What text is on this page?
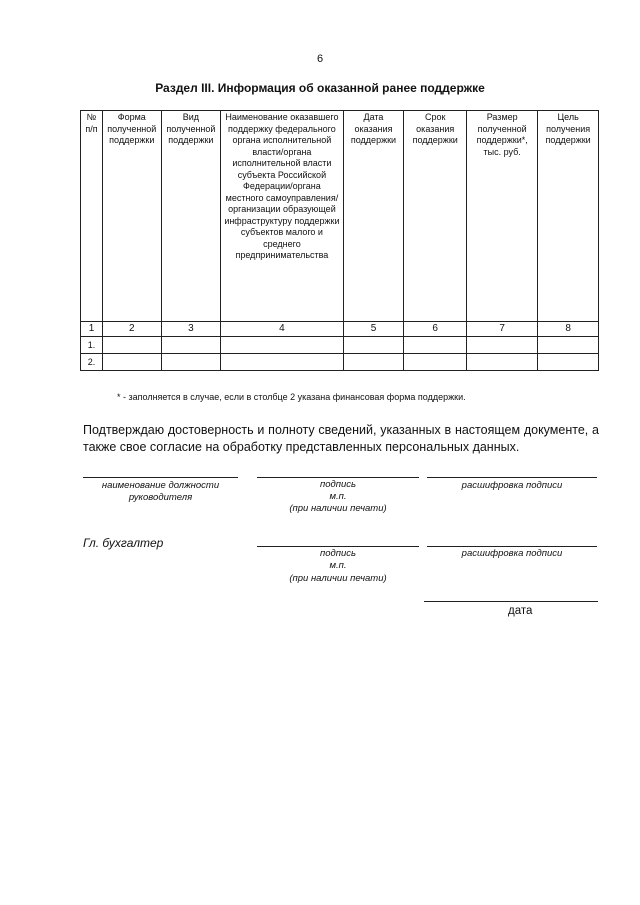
6
Раздел III. Информация об оказанной ранее поддержке
№ п/п	Форма полученной поддержки	Вид полученной поддержки	Наименование оказавшего поддержку федерального органа исполнительной власти/органа исполнительной власти субъекта Российской Федерации/органа местного самоуправления/ организации образующей инфраструктуру поддержки субъектов малого и среднего предпринимательства	Дата оказания поддержки	Срок оказания поддержки	Размер полученной поддержки*, тыс. руб.	Цель получения поддержки
1	2	3	4	5	6	7	8
1.							
2.							
* - заполняется в случае, если в столбце 2 указана финансовая форма поддержки.
Подтверждаю достоверность и полноту сведений, указанных в настоящем документе, а также свое согласие на обработку представленных персональных данных.
наименование должности руководителя
подпись
м.п.
(при наличии печати)
расшифровка подписи
Гл. бухгалтер
подпись
м.п.
(при наличии печати)
расшифровка подписи
дата
